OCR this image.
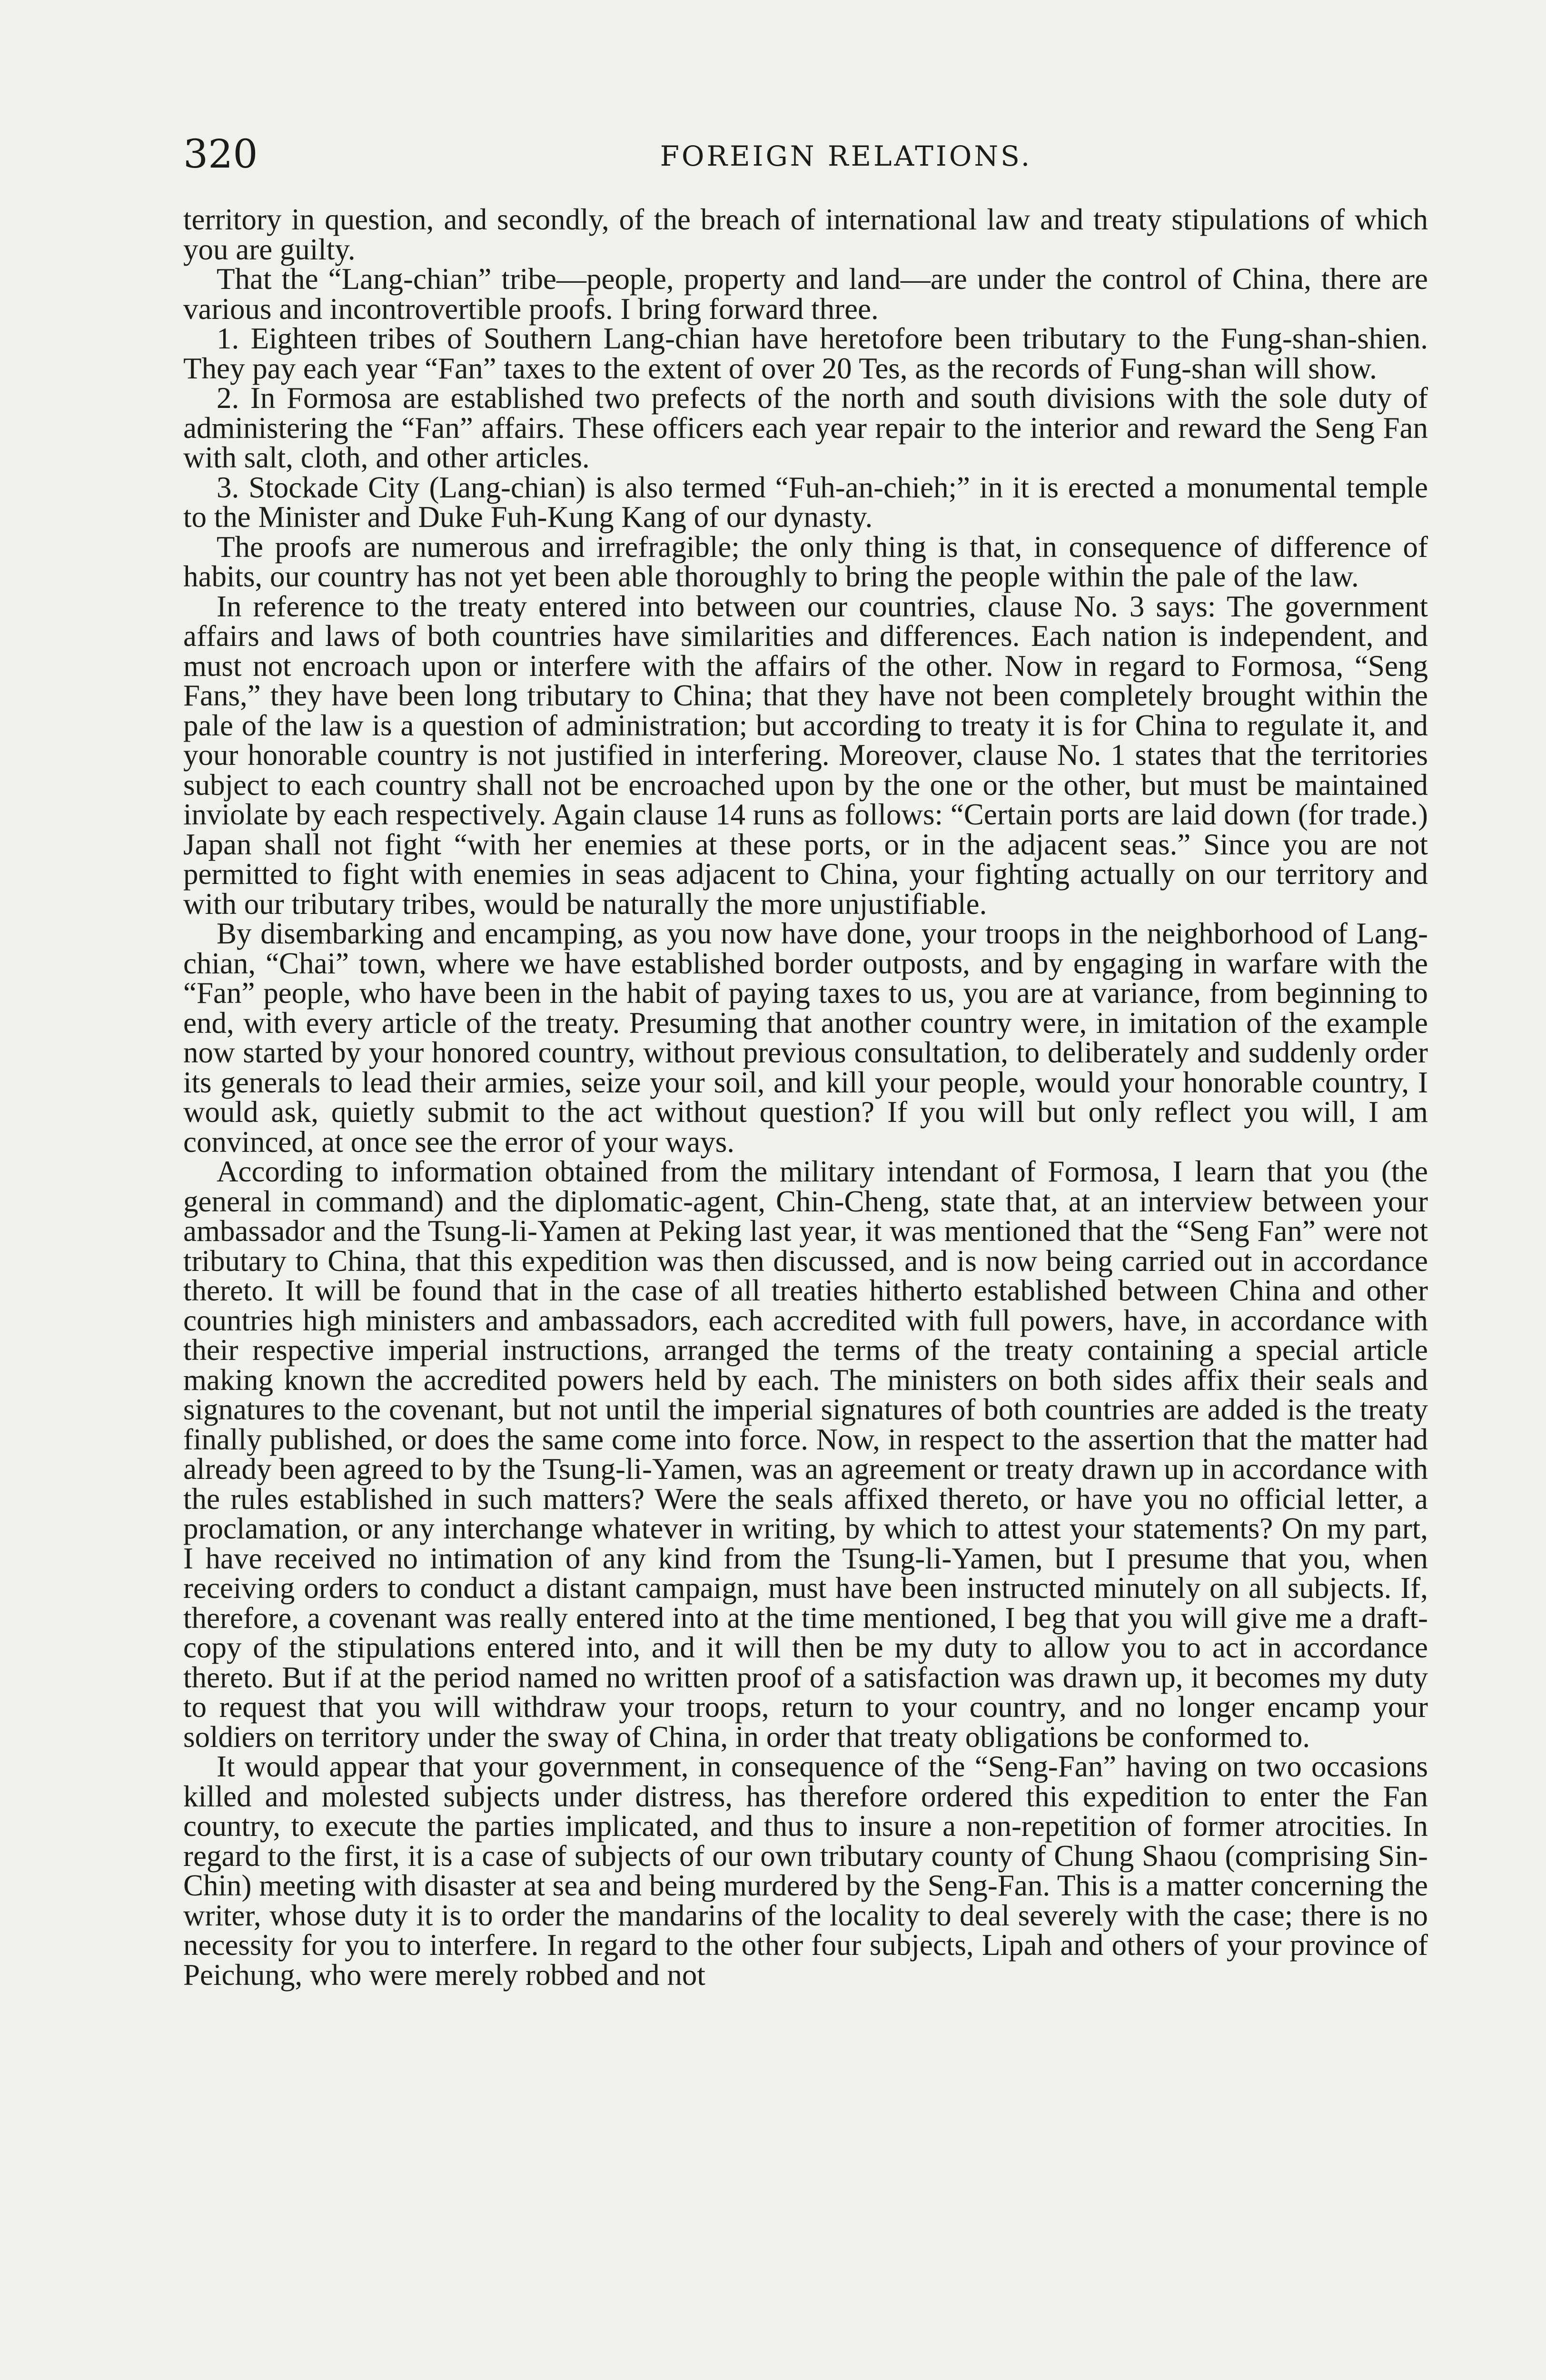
320	FOREIGN RELATIONS.

territory in question, and secondly, of the breach of international law and treaty stipulations of which you are guilty.

That the “Lang-chian” tribe—people, property and land—are under the control of China, there are various and incontrovertible proofs. I bring forward three.

1. Eighteen tribes of Southern Lang-chian have heretofore been tributary to the Fung-shan-shien. They pay each year “Fan” taxes to the extent of over 20 Tes, as the records of Fung-shan will show.

2. In Formosa are established two prefects of the north and south divisions with the sole duty of administering the “Fan” affairs. These officers each year repair to the interior and reward the Seng Fan with salt, cloth, and other articles.

3. Stockade City (Lang-chian) is also termed “Fuh-an-chieh;” in it is erected a monumental temple to the Minister and Duke Fuh-Kung Kang of our dynasty.

The proofs are numerous and irrefragible; the only thing is that, in consequence of difference of habits, our country has not yet been able thoroughly to bring the people within the pale of the law.

In reference to the treaty entered into between our countries, clause No. 3 says: The government affairs and laws of both countries have similarities and differences. Each nation is independent, and must not encroach upon or interfere with the affairs of the other. Now in regard to Formosa, “Seng Fans,” they have been long tributary to China; that they have not been completely brought within the pale of the law is a question of administration; but according to treaty it is for China to regulate it, and your honorable country is not justified in interfering. Moreover, clause No. 1 states that the territories subject to each country shall not be encroached upon by the one or the other, but must be maintained inviolate by each respectively. Again clause 14 runs as follows: “Certain ports are laid down (for trade.) Japan shall not fight “with her enemies at these ports, or in the adjacent seas.” Since you are not permitted to fight with enemies in seas adjacent to China, your fighting actually on our territory and with our tributary tribes, would be naturally the more unjustifiable.

By disembarking and encamping, as you now have done, your troops in the neighborhood of Lang-chian, “Chai” town, where we have established border outposts, and by engaging in warfare with the “Fan” people, who have been in the habit of paying taxes to us, you are at variance, from beginning to end, with every article of the treaty. Presuming that another country were, in imitation of the example now started by your honored country, without previous consultation, to deliberately and suddenly order its generals to lead their armies, seize your soil, and kill your people, would your honorable country, I would ask, quietly submit to the act without question? If you will but only reflect you will, I am convinced, at once see the error of your ways.

According to information obtained from the military intendant of Formosa, I learn that you (the general in command) and the diplomatic-agent, Chin-Cheng, state that, at an interview between your ambassador and the Tsung-li-Yamen at Peking last year, it was mentioned that the “Seng Fan” were not tributary to China, that this expedition was then discussed, and is now being carried out in accordance thereto. It will be found that in the case of all treaties hitherto established between China and other countries high ministers and ambassadors, each accredited with full powers, have, in accordance with their respective imperial instructions, arranged the terms of the treaty containing a special article making known the accredited powers held by each. The ministers on both sides affix their seals and signatures to the covenant, but not until the imperial signatures of both countries are added is the treaty finally published, or does the same come into force. Now, in respect to the assertion that the matter had already been agreed to by the Tsung-li-Yamen, was an agreement or treaty drawn up in accordance with the rules established in such matters? Were the seals affixed thereto, or have you no official letter, a proclamation, or any interchange whatever in writing, by which to attest your statements? On my part, I have received no intimation of any kind from the Tsung-li-Yamen, but I presume that you, when receiving orders to conduct a distant campaign, must have been instructed minutely on all subjects. If, therefore, a covenant was really entered into at the time mentioned, I beg that you will give me a draft-copy of the stipulations entered into, and it will then be my duty to allow you to act in accordance thereto. But if at the period named no written proof of a satisfaction was drawn up, it becomes my duty to request that you will withdraw your troops, return to your country, and no longer encamp your soldiers on territory under the sway of China, in order that treaty obligations be conformed to.

It would appear that your government, in consequence of the “Seng-Fan” having on two occasions killed and molested subjects under distress, has therefore ordered this expedition to enter the Fan country, to execute the parties implicated, and thus to insure a non-repetition of former atrocities. In regard to the first, it is a case of subjects of our own tributary county of Chung Shaou (comprising Sin-Chin) meeting with disaster at sea and being murdered by the Seng-Fan. This is a matter concerning the writer, whose duty it is to order the mandarins of the locality to deal severely with the case; there is no necessity for you to interfere. In regard to the other four subjects, Lipah and others of your province of Peichung, who were merely robbed and not
